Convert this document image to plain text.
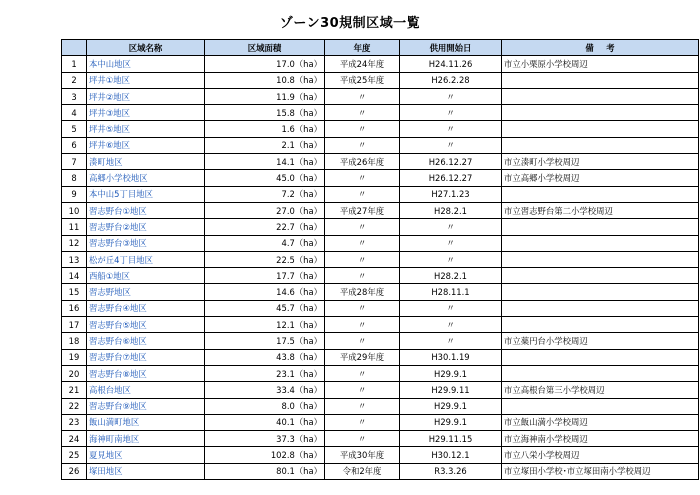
ゾーン30規制区域一覧
	区域名称	区域面積	年度	供用開始日	備考
1	本中山地区	17.0（ha）	平成24年度	H24.11.26	市立小栗原小学校周辺
2	坪井①地区	10.8（ha）	平成25年度	H26.2.28	
3	坪井②地区	11.9（ha）	〃	〃	
4	坪井③地区	15.8（ha）	〃	〃	
5	坪井⑤地区	1.6（ha）	〃	〃	
6	坪井⑥地区	2.1（ha）	〃	〃	
7	湊町地区	14.1（ha）	平成26年度	H26.12.27	市立湊町小学校周辺
8	高郷小学校地区	45.0（ha）	〃	H26.12.27	市立高郷小学校周辺
9	本中山5丁目地区	7.2（ha）	〃	H27.1.23	
10	習志野台①地区	27.0（ha）	平成27年度	H28.2.1	市立習志野台第二小学校周辺
11	習志野台②地区	22.7（ha）	〃	〃	
12	習志野台③地区	4.7（ha）	〃	〃	
13	松が丘4丁目地区	22.5（ha）	〃	〃	
14	西船①地区	17.7（ha）	〃	H28.2.1	
15	習志野地区	14.6（ha）	平成28年度	H28.11.1	
16	習志野台④地区	45.7（ha）	〃	〃	
17	習志野台⑤地区	12.1（ha）	〃	〃	
18	習志野台⑥地区	17.5（ha）	〃	〃	市立薬円台小学校周辺
19	習志野台⑦地区	43.8（ha）	平成29年度	H30.1.19	
20	習志野台⑧地区	23.1（ha）	〃	H29.9.1	
21	高根台地区	33.4（ha）	〃	H29.9.11	市立高根台第三小学校周辺
22	習志野台⑨地区	8.0（ha）	〃	H29.9.1	
23	飯山満町地区	40.1（ha）	〃	H29.9.1	市立飯山満小学校周辺
24	海神町南地区	37.3（ha）	〃	H29.11.15	市立海神南小学校周辺
25	夏見地区	102.8（ha）	平成30年度	H30.12.1	市立八栄小学校周辺
26	塚田地区	80.1（ha）	令和2年度	R3.3.26	市立塚田小学校･市立塚田南小学校周辺
